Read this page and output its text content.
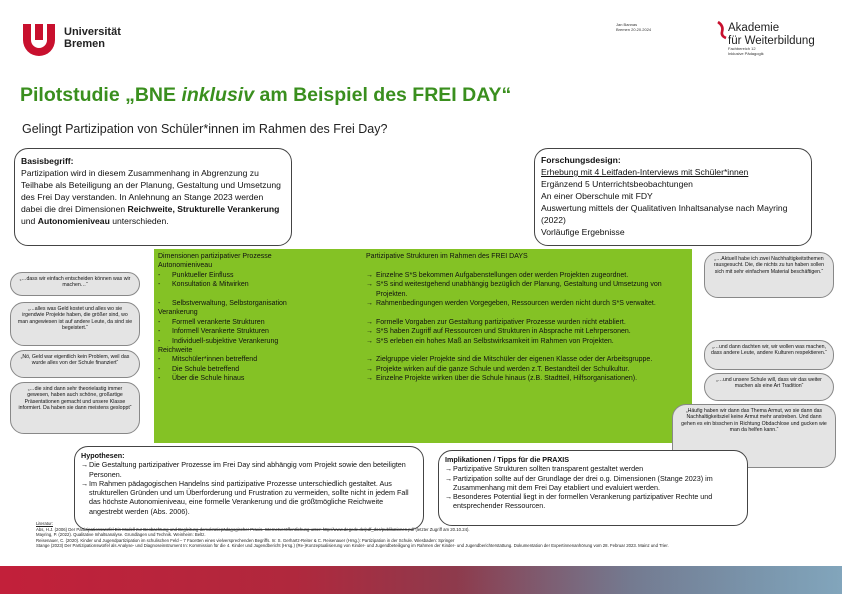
Universität
Bremen
Jan Bannas
Bremen 20.20.2024	Akademie
für Weiterbildung
Fachbereich 12
Inklusive Pädagogik
Pilotstudie „BNE inklusiv am Beispiel des FREI DAY“
Gelingt Partizipation von Schüler*innen im Rahmen des Frei Day?

Basisbegriff:

Partizipation wird in diesem Zusammenhang in Abgrenzung zu Teilhabe als Beteiligung an der Planung, Gestaltung und Umsetzung des Frei Day verstanden. In Anlehnung an Stange 2023 werden dabei die drei Dimensionen Reichweite, Strukturelle Verankerung und Autonomieniveau unterschieden.

Forschungsdesign:

Erhebung mit 4 Leitfaden-Interviews mit Schüler*innen

Ergänzend 5 Unterrichtsbeobachtungen

An einer Oberschule mit FDY

Auswertung mittels der Qualitativen Inhaltsanalyse nach Mayring (2022)

Vorläufige Ergebnisse

Dimensionen partizipativer Prozesse	Partizipative Strukturen im Rahmen des FREI DAYS
Autonomieniveau
-	Punktueller Einfluss	→ Einzelne S*S bekommen Aufgabenstellungen oder werden Projekten zugeordnet.
-	Konsultation & Mitwirken	→ S*S sind weitestgehend unabhängig bezüglich der Planung, Gestaltung und Umsetzung von Projekten.
-	Selbstverwaltung, Selbstorganisation	→ Rahmenbedingungen werden Vorgegeben, Ressourcen werden nicht durch S*S verwaltet.
Verankerung
-	Formell verankerte Strukturen	→ Formelle Vorgaben zur Gestaltung partizipativer Prozesse wurden nicht etabliert.
-	Informell Verankerte Strukturen	→ S*S haben Zugriff auf Ressourcen und Strukturen in Absprache mit Lehrpersonen.
-	Individuell-subjektive Verankerung	→ S*S erleben ein hohes Maß an Selbstwirksamkeit im Rahmen von Projekten.
Reichweite
-	Mitschüler*innen betreffend	→ Zielgruppe vieler Projekte sind die Mitschüler der eigenen Klasse oder der Arbeitsgruppe.
-	Die Schule betreffend	→ Projekte wirken auf die ganze Schule und werden z.T. Bestandteil der Schulkultur.
-	Über die Schule hinaus	→ Einzelne Projekte wirken über die Schule hinaus (z.B. Stadtteil, Hilfsorganisationen).
„…dass wir einfach entscheiden können was wir machen…“
„…alles was Geld kostet und alles wo sie irgendwie Projekte haben, die größer sind, wo man angewiesen ist auf andere Leute, da sind sie begeistert.“
„Nö, Geld war eigentlich kein Problem, weil das wurde alles von der Schule finanziert“
„…die sind dann sehr theorielastig immer gewesen, haben auch schöne, großartige Präsentationen gemacht und unsere Klasse informiert. Da haben sie dann meistens gesloppt“
„…Aktuell habe ich zwei Nachhaltigkeitsthemen rausgesucht. Die, die nichts zu tun haben sollen sich mit sehr einfachem Material beschäftigen.“
„…und dann dachten wir, wir wollen was machen, dass andere Leute, andere Kulturen respektieren.“
„…und unsere Schule will, dass wir das weiter machen als eine Art Tradition“
„Häufig haben wir dann das Thema Armut, wo sie dann das Nachhaltigkeitsziel keine Armut mehr anstreben. Und dann gehen es ein bisschen in Richtung Obdachlose und gucken wie man da helfen kann.“

Hypothesen:

→ Die Gestaltung partizipativer Prozesse im Frei Day sind abhängig vom Projekt sowie den beteiligten Personen.
→ Im Rahmen pädagogischen Handelns sind partizipative Prozesse unterschiedlich gestaltet. Aus strukturellen Gründen und um Überforderung und Frustration zu vermeiden, sollte nicht in jedem Fall das höchste Autonomieniveau, eine formelle Verankerung und die größtmögliche Reichweite angestrebt werden (Abs. 2006).

Implikationen / Tipps für die PRAXIS

→ Partizipative Strukturen sollten transparent gestaltet werden
→ Partizipation sollte auf der Grundlage der drei o.g. Dimensionen (Stange 2023) im Zusammenhang mit dem Frei Day etabliert und evaluiert werden.
→ Besonderes Potential liegt in der formellen Verankerung partizipativer Rechte und entsprechender Ressourcen.
Literatur:
Abs, H.J. (2006) Der Partizipationswürfel Ein Modell zur Beobachtung und Begleitung demokratiepädagogischer Praxis. Internetveröffentlichung unter: http://www.degede.de/pdf_doc/publikationen.pdf (letzter Zugriff am 20.10.24).
Mayring, P. (2022). Qualitative Inhaltsanalyse. Grundlagen und Technik. Weinheim: Beltz.
Reisenauer, C. (2020). Kinder und Jugendpartizipation im schulischen Feld – 7 Facetten eines vielversprechenden Begriffs. In: S. Gerhartz-Reiter & C. Reisenauer (Hrsg.): Partizipation in der Schule. Wiesbaden: Springer
Stange (2023) Der Partizipationswürfel als Analyse- und Diagnoseinstrument In: Kommission für die 4. Kinder und Jugendbericht (Hrsg.) (Re-)Konzeptualisierung von Kinder- und Jugendbeteiligung im Rahmen der Kinder- und Jugendberichterstattung. Dokumentation der Expertinnenanhörung vom 28. Februar 2023. Mainz und Trier.
